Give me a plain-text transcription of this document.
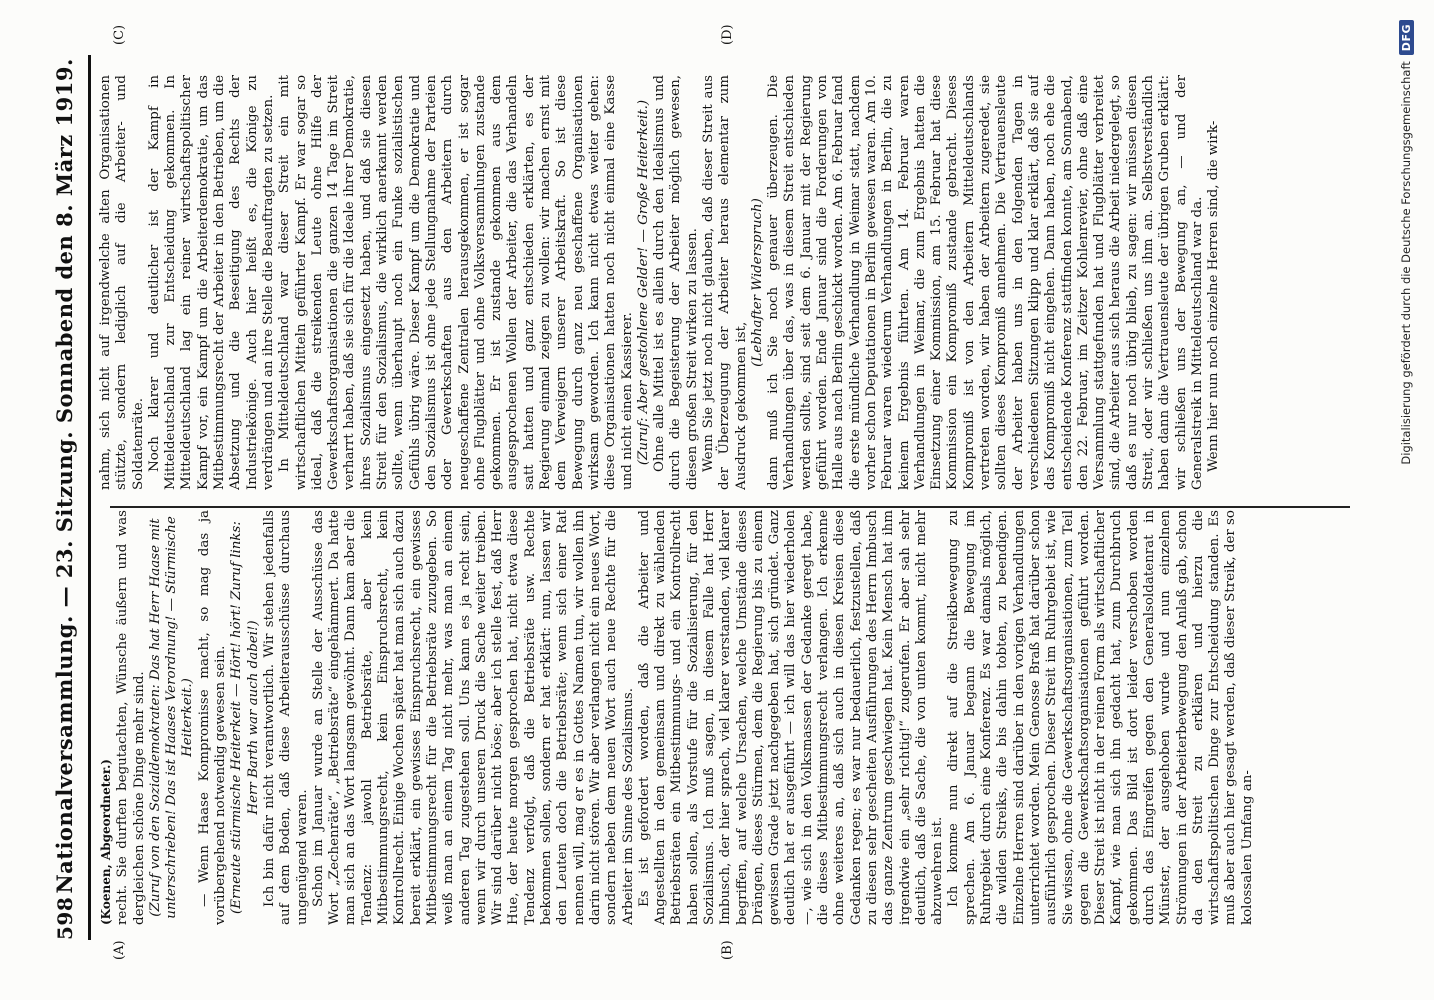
598
Nationalversammlung. — 23. Sitzung. Sonnabend den 8. März 1919.
(A)	(B)
(C)	(D)

(Koenen, Abgeordneter.) recht. Sie durften begutachten, Wünsche äußern und was dergleichen schöne Dinge mehr sind. (Zuruf von den Sozialdemokraten: Das hat Herr Haase mit unterschrieben! Das ist Haases Verordnung! — Stürmische Heiterkeit.) — Wenn Haase Kompromisse macht, so mag das ja vorübergehend notwendig gewesen sein. (Erneute stürmische Heiterkeit — Hört! hört! Zuruf links: Herr Barth war auch dabei!) Ich bin dafür nicht verantwortlich. Wir stehen jedenfalls auf dem Boden, daß diese Arbeiterausschüsse durchaus ungenügend waren. Schon im Januar wurde an Stelle der Ausschüsse das Wort „Zechenräte“, „Betriebsräte“ eingehämmert. Da hatte man sich an das Wort langsam gewöhnt. Dann kam aber die Tendenz: jawohl Betriebsräte, aber kein Mitbestimmungsrecht, kein Einspruchsrecht, kein Kontrollrecht. Einige Wochen später hat man sich auch dazu bereit erklärt, ein gewisses Einspruchsrecht, ein gewisses Mitbestimmungsrecht für die Betriebsräte zuzugeben. So weiß man an einem Tag nicht mehr, was man an einem anderen Tag zugestehen soll. Uns kann es ja recht sein, wenn wir durch unseren Druck die Sache weiter treiben. Wir sind darüber nicht böse; aber ich stelle fest, daß Herr Hue, der heute morgen gesprochen hat, nicht etwa diese Tendenz verfolgt, daß die Betriebsräte usw. Rechte bekommen sollen, sondern er hat erklärt: nun, lassen wir den Leuten doch die Betriebsräte; wenn sich einer Rat nennen will, mag er es in Gottes Namen tun, wir wollen ihn darin nicht stören. Wir aber verlangen nicht ein neues Wort, sondern neben dem neuen Wort auch neue Rechte für die Arbeiter im Sinne des Sozialismus. Es ist gefordert worden, daß die Arbeiter und Angestellten in den gemeinsam und direkt zu wählenden Betriebsräten ein Mitbestimmungs- und ein Kontrollrecht haben sollen, als Vorstufe für die Sozialisierung, für den Sozialismus. Ich muß sagen, in diesem Falle hat Herr Imbusch, der hier sprach, viel klarer verstanden, viel klarer begriffen, auf welche Ursachen, welche Umstände dieses Drängen, dieses Stürmen, dem die Regierung bis zu einem gewissen Grade jetzt nachgegeben hat, sich gründet. Ganz deutlich hat er ausgeführt — ich will das hier wiederholen —, wie sich in den Volksmassen der Gedanke geregt habe, die dieses Mitbestimmungsrecht verlangen. Ich erkenne ohne weiteres an, daß sich auch in diesen Kreisen diese Gedanken regen; es war nur bedauerlich, festzustellen, daß zu diesen sehr gescheiten Ausführungen des Herrn Imbusch das ganze Zentrum geschwiegen hat. Kein Mensch hat ihm irgendwie ein „sehr richtig!“ zugerufen. Er aber sah sehr deutlich, daß die Sache, die von unten kommt, nicht mehr abzuwehren ist. Ich komme nun direkt auf die Streikbewegung zu sprechen. Am 6. Januar begann die Bewegung im Ruhrgebiet durch eine Konferenz. Es war damals möglich, die wilden Streiks, die bis dahin tobten, zu beendigen. Einzelne Herren sind darüber in den vorigen Verhandlungen unterrichtet worden. Mein Genosse Braß hat darüber schon ausführlich gesprochen. Dieser Streit im Ruhrgebiet ist, wie Sie wissen, ohne die Gewerkschaftsorganisationen, zum Teil gegen die Gewerkschaftsorganisationen geführt worden. Dieser Streit ist nicht in der reinen Form als wirtschaftlicher Kampf, wie man sich ihn gedacht hat, zum Durchbruch gekommen. Das Bild ist dort leider verschoben worden durch das Eingreifen gegen den Generalsoldatenrat in Münster, der ausgehoben wurde und nun einzelnen Strömungen in der Arbeiterbewegung den Anlaß gab, schon da den Streit zu erklären und hierzu die wirtschaftspolitischen Dinge zur Entscheidung standen. Es muß aber auch hier gesagt werden, daß dieser Streik, der so kolossalen Umfang an-

nahm, sich nicht auf irgendwelche alten Organisationen stützte, sondern lediglich auf die Arbeiter- und Soldatenräte. Noch klarer und deutlicher ist der Kampf in Mitteldeutschland zur Entscheidung gekommen. In Mitteldeutschland lag ein reiner wirtschaftspolitischer Kampf vor, ein Kampf um die Arbeiterdemokratie, um das Mitbestimmungsrecht der Arbeiter in den Betrieben, um die Absetzung und die Beseitigung des Rechts der Industriekönige. Auch hier heißt es, die Könige zu verdrängen und an ihre Stelle die Beauftragten zu setzen. In Mitteldeutschland war dieser Streit ein mit wirtschaftlichen Mitteln geführter Kampf. Er war sogar so ideal, daß die streikenden Leute ohne Hilfe der Gewerkschaftsorganisationen die ganzen 14 Tage im Streit verharrt haben, daß sie sich für die Ideale ihrer Demokratie, ihres Sozialismus eingesetzt haben, und daß sie diesen Streit für den Sozialismus, die wirklich anerkannt werden sollte, wenn überhaupt noch ein Funke sozialistischen Gefühls übrig wäre. Dieser Kampf um die Demokratie und den Sozialismus ist ohne jede Stellungnahme der Parteien oder Gewerkschaften aus den Arbeitern durch neugeschaffene Zentralen herausgekommen, er ist sogar ohne Flugblätter und ohne Volksversammlungen zustande gekommen. Er ist zustande gekommen aus dem ausgesprochenen Wollen der Arbeiter, die das Verhandeln satt hatten und ganz entschieden erklärten, es der Regierung einmal zeigen zu wollen: wir machen ernst mit dem Verweigern unserer Arbeitskraft. So ist diese Bewegung durch ganz neu geschaffene Organisationen wirksam geworden. Ich kann nicht etwas weiter gehen: diese Organisationen hatten noch nicht einmal eine Kasse und nicht einen Kassierer. (Zuruf: Aber gestohlene Gelder! — Große Heiterkeit.) Ohne alle Mittel ist es allein durch den Idealismus und durch die Begeisterung der Arbeiter möglich gewesen, diesen großen Streit wirken zu lassen. Wenn Sie jetzt noch nicht glauben, daß dieser Streit aus der Überzeugung der Arbeiter heraus elementar zum Ausdruck gekommen ist,

(Lebhafter Widerspruch) dann muß ich Sie noch genauer überzeugen. Die Verhandlungen über das, was in diesem Streit entschieden werden sollte, sind seit dem 6. Januar mit der Regierung geführt worden. Ende Januar sind die Forderungen von Halle aus nach Berlin geschickt worden. Am 6. Februar fand die erste mündliche Verhandlung in Weimar statt, nachdem vorher schon Deputationen in Berlin gewesen waren. Am 10. Februar waren wiederum Verhandlungen in Berlin, die zu keinem Ergebnis führten. Am 14. Februar waren Verhandlungen in Weimar, die zum Ergebnis hatten die Einsetzung einer Kommission, am 15. Februar hat diese Kommission ein Kompromiß zustande gebracht. Dieses Kompromiß ist von den Arbeitern Mitteldeutschlands vertreten worden, wir haben der Arbeitern zugeredet, sie sollten dieses Kompromiß annehmen. Die Vertrauensleute der Arbeiter haben uns in den folgenden Tagen in verschiedenen Sitzungen klipp und klar erklärt, daß sie auf das Kompromiß nicht eingehen. Dann haben, noch ehe die entscheidende Konferenz stattfinden konnte, am Sonnabend, den 22. Februar, im Zeitzer Kohlenrevier, ohne daß eine Versammlung stattgefunden hat und Flugblätter verbreitet sind, die Arbeiter aus sich heraus die Arbeit niedergelegt, so daß es nur noch übrig blieb, zu sagen: wir müssen diesen Streit, oder wir schließen uns ihm an. Selbstverständlich haben dann die Vertrauensleute der übrigen Gruben erklärt: wir schließen uns der Bewegung an, — und der Generalstreik in Mitteldeutschland war da. Wenn hier nun noch einzelne Herren sind, die wirk-	Digitalisierung gefördert durch die Deutsche Forschungsgemeinschaft
DFG
